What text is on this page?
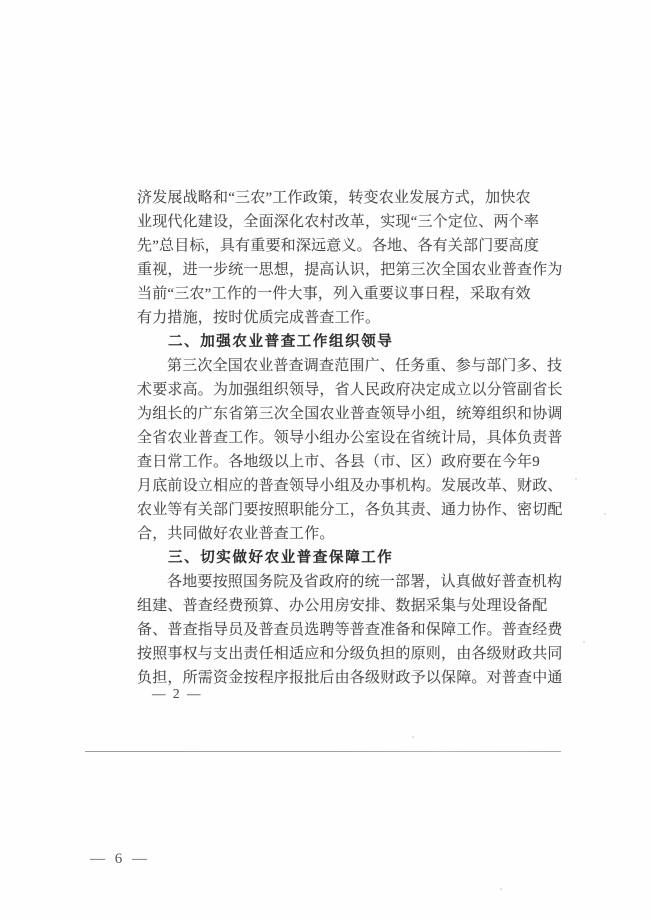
济发展战略和“三农”工作政策，转变农业发展方式，加快农
业现代化建设，全面深化农村改革，实现“三个定位、两个率
先”总目标，具有重要和深远意义。各地、各有关部门要高度
重视，进一步统一思想，提高认识，把第三次全国农业普查作为
当前“三农”工作的一件大事，列入重要议事日程，采取有效
有力措施，按时优质完成普查工作。
二、加强农业普查工作组织领导
第三次全国农业普查调查范围广、任务重、参与部门多、技
术要求高。为加强组织领导，省人民政府决定成立以分管副省长
为组长的广东省第三次全国农业普查领导小组，统筹组织和协调
全省农业普查工作。领导小组办公室设在省统计局，具体负责普
查日常工作。各地级以上市、各县（市、区）政府要在今年9
月底前设立相应的普查领导小组及办事机构。发展改革、财政、
农业等有关部门要按照职能分工，各负其责、通力协作、密切配
合，共同做好农业普查工作。
三、切实做好农业普查保障工作
各地要按照国务院及省政府的统一部署，认真做好普查机构
组建、普查经费预算、办公用房安排、数据采集与处理设备配
备、普查指导员及普查员选聘等普查准备和保障工作。普查经费
按照事权与支出责任相适应和分级负担的原则，由各级财政共同
负担，所需资金按程序报批后由各级财政予以保障。对普查中通
— 2 —
— 6 —
